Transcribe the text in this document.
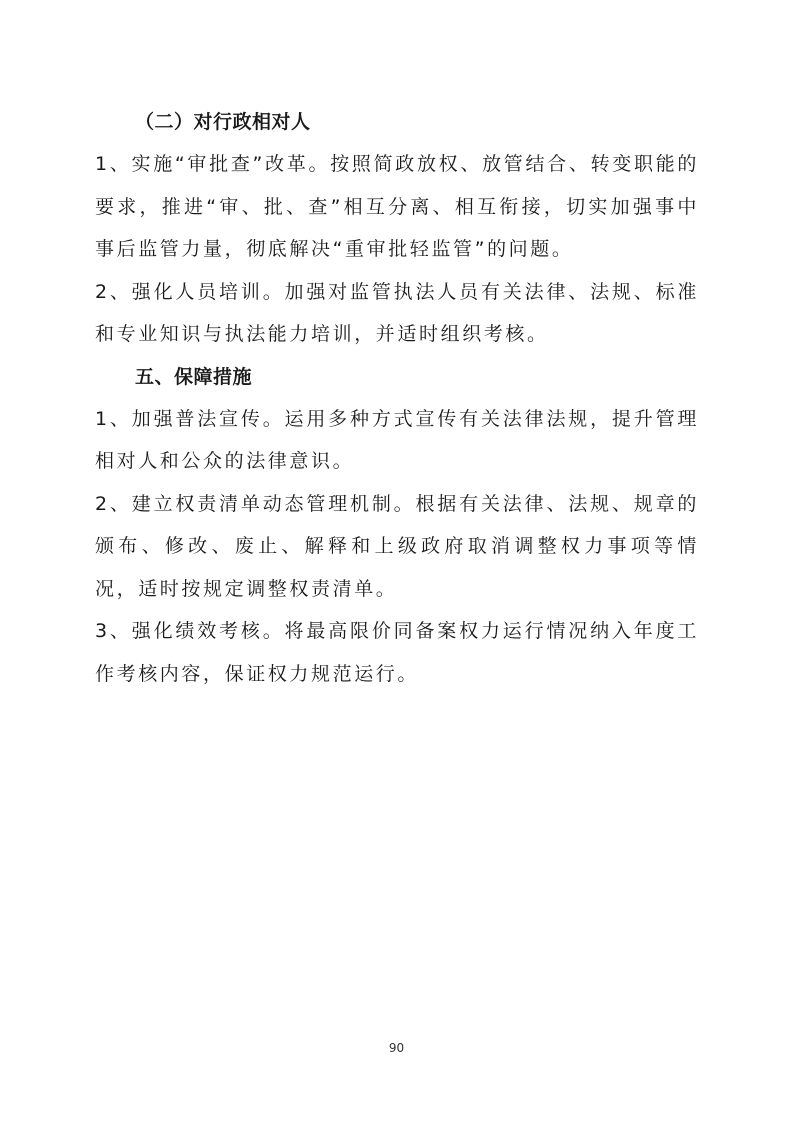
（二）对行政相对人
1、实施“审批查”改革。按照简政放权、放管结合、转变职能的要求，推进“审、批、查”相互分离、相互衔接，切实加强事中事后监管力量，彻底解决“重审批轻监管”的问题。
2、强化人员培训。加强对监管执法人员有关法律、法规、标准和专业知识与执法能力培训，并适时组织考核。
五、保障措施
1、加强普法宣传。运用多种方式宣传有关法律法规，提升管理相对人和公众的法律意识。
2、建立权责清单动态管理机制。根据有关法律、法规、规章的颁布、修改、废止、解释和上级政府取消调整权力事项等情况，适时按规定调整权责清单。
3、强化绩效考核。将最高限价同备案权力运行情况纳入年度工作考核内容，保证权力规范运行。
90
